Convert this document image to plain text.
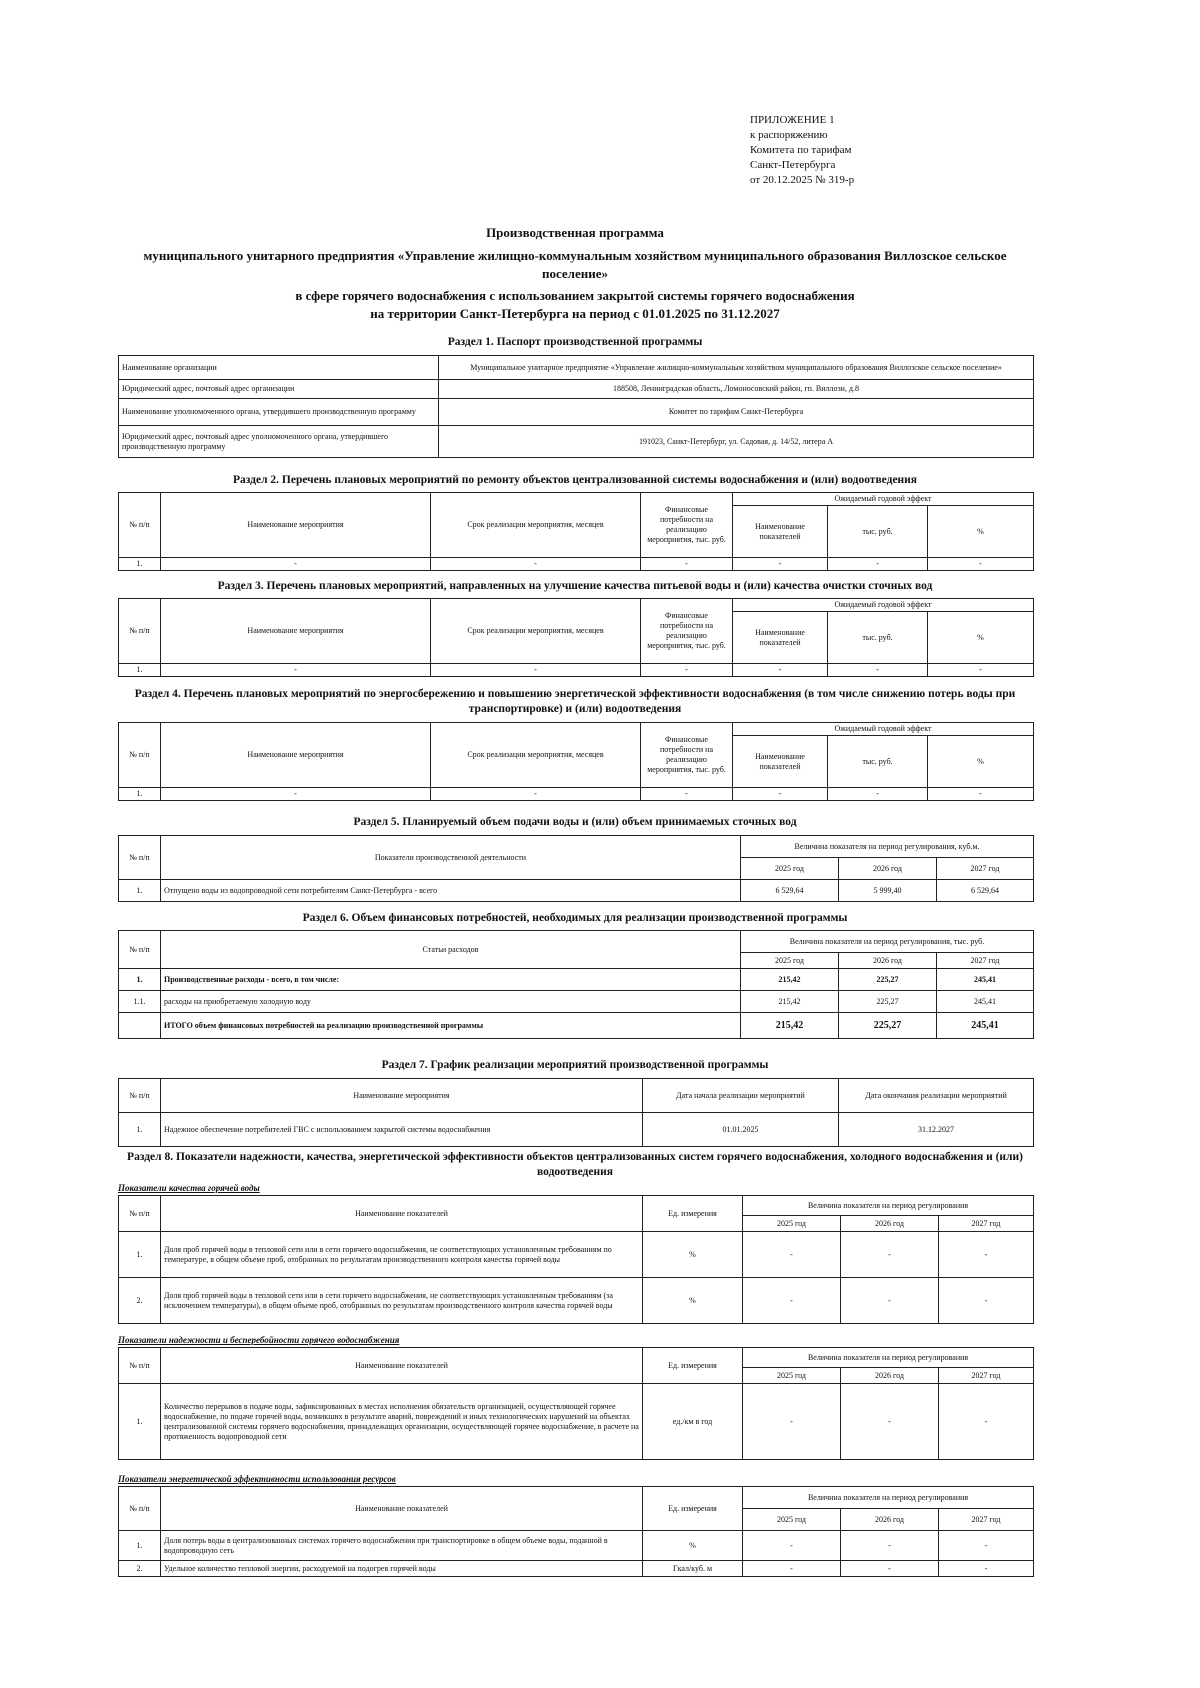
ПРИЛОЖЕНИЕ 1
к распоряжению
Комитета по тарифам
Санкт-Петербурга
от 20.12.2025 № 319-р
Производственная программа
муниципального унитарного предприятия «Управление жилищно-коммунальным хозяйством муниципального образования Виллозское сельское поселение»
в сфере горячего водоснабжения с использованием закрытой системы горячего водоснабжения
на территории Санкт-Петербурга на период с 01.01.2025 по 31.12.2027
Раздел 1. Паспорт производственной программы
Наименование организации	Муниципальное унитарное предприятие «Управление жилищно-коммунальным хозяйством муниципального образования Виллозское сельское поселение»
Юридический адрес, почтовый адрес организации	188508, Ленинградская область, Ломоносовский район, гп. Виллози, д.8
Наименование уполномоченного органа, утвердившего производственную программу	Комитет по тарифам Санкт-Петербурга
Юридический адрес, почтовый адрес уполномоченного органа, утвердившего производственную программу	191023, Санкт-Петербург, ул. Садовая, д. 14/52, литера А
Раздел 2. Перечень плановых мероприятий по ремонту объектов централизованной системы водоснабжения и (или) водоотведения
№ п/п	Наименование мероприятия	Срок реализации мероприятия, месяцев	Финансовые потребности на реализацию мероприятия, тыс. руб.	Ожидаемый годовой эффект		
				Наименование показателей	тыс. руб.	%
1.	-	-	-	-	-	-
Раздел 3. Перечень плановых мероприятий, направленных на улучшение качества питьевой воды и (или) качества очистки сточных вод
№ п/п	Наименование мероприятия	Срок реализации мероприятия, месяцев	Финансовые потребности на реализацию мероприятия, тыс. руб.	Ожидаемый годовой эффект		
				Наименование показателей	тыс. руб.	%
1.	-	-	-	-	-	-
Раздел 4. Перечень плановых мероприятий по энергосбережению и повышению энергетической эффективности водоснабжения (в том числе снижению потерь воды при транспортировке) и (или) водоотведения
№ п/п	Наименование мероприятия	Срок реализации мероприятия, месяцев	Финансовые потребности на реализацию мероприятия, тыс. руб.	Ожидаемый годовой эффект		
				Наименование показателей	тыс. руб.	%
1.	-	-	-	-	-	-
Раздел 5. Планируемый объем подачи воды и (или) объем принимаемых сточных вод
№ п/п	Показатели производственной деятельности	Величина показателя на период регулирования, куб.м.		
		2025 год	2026 год	2027 год
1.	Отпущено воды из водопроводной сети потребителям Санкт-Петербурга - всего	6 529,64	5 999,40	6 529,64
Раздел 6. Объем финансовых потребностей, необходимых для реализации производственной программы
№ п/п	Статьи расходов	Величина показателя на период регулирования, тыс. руб.		
		2025 год	2026 год	2027 год
1.	Производственные расходы - всего, в том числе:	215,42	225,27	245,41
1.1.	расходы на приобретаемую холодную воду	215,42	225,27	245,41
	ИТОГО объем финансовых потребностей на реализацию производственной программы	215,42	225,27	245,41
Раздел 7. График реализации мероприятий производственной программы
№ п/п	Наименование мероприятия	Дата начала реализации мероприятий	Дата окончания реализации мероприятий
1.	Надежное обеспечение потребителей ГВС с использованием закрытой системы водоснабжения	01.01.2025	31.12.2027
Раздел 8. Показатели надежности, качества, энергетической эффективности объектов централизованных систем горячего водоснабжения, холодного водоснабжения и (или) водоотведения
Показатели качества горячей воды
№ п/п	Наименование показателей	Ед. измерения	Величина показателя на период регулирования		
			2025 год	2026 год	2027 год
1.	Доля проб горячей воды в тепловой сети или в сети горячего водоснабжения, не соответствующих установленным требованиям по температуре, в общем объеме проб, отобранных по результатам производственного контроля качества горячей воды	%	-	-	-
2.	Доля проб горячей воды в тепловой сети или в сети горячего водоснабжения, не соответствующих установленным требованиям (за исключением температуры), в общем объеме проб, отобранных по результатам производственного контроля качества горячей воды	%	-	-	-
Показатели надежности и бесперебойности горячего водоснабжения
№ п/п	Наименование показателей	Ед. измерения	Величина показателя на период регулирования		
			2025 год	2026 год	2027 год
1.	Количество перерывов в подаче воды, зафиксированных в местах исполнения обязательств организацией, осуществляющей горячее водоснабжение, по подаче горячей воды, возникших в результате аварий, повреждений и иных технологических нарушений на объектах централизованной системы горячего водоснабжения, принадлежащих организации, осуществляющей горячее водоснабжение, в расчете на протяженность водопроводной сети	ед./км в год	-	-	-
Показатели энергетической эффективности использования ресурсов
№ п/п	Наименование показателей	Ед. измерения	Величина показателя на период регулирования		
			2025 год	2026 год	2027 год
1.	Доля потерь воды в централизованных системах горячего водоснабжения при транспортировке в общем объеме воды, поданной в водопроводную сеть	%	-	-	-
2.	Удельное количество тепловой энергии, расходуемой на подогрев горячей воды	Гкал/куб. м	-	-	-
